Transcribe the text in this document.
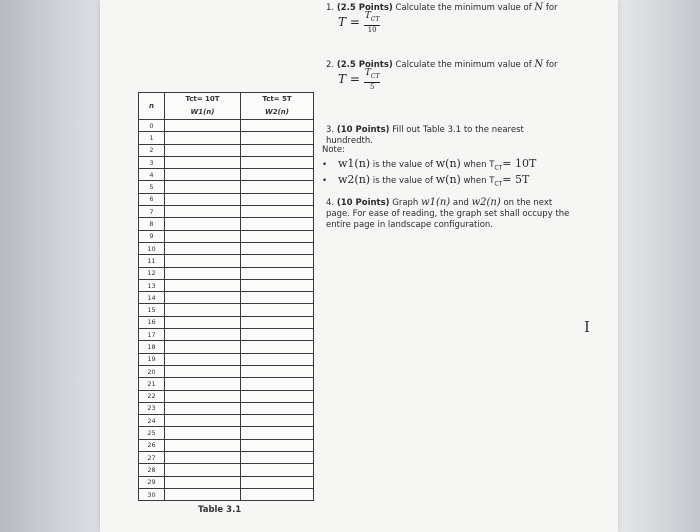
1. (2.5 Points) Calculate the minimum value of N for
$T = \frac{T_{CT}}{10}$
2. (2.5 Points) Calculate the minimum value of N for
$T = \frac{T_{CT}}{5}$
3. (10 Points) Fill out Table 3.1 to the nearest hundredth.
Note:
• w1(n) is the value of w(n) when $T_{CT}= 10T$
• w2(n) is the value of w(n) when $T_{CT}= 5T$
4. (10 Points) Graph w1(n) and w2(n) on the next page. For ease of reading, the graph set shall occupy the entire page in landscape configuration.
n	Tct= 10T	Tct= 5T
	W1(n)	W2(n)
0		
1		
2		
3		
4		
5		
6		
7		
8		
9		
10		
11		
12		
13		
14		
15		
16		
17		
18		
19		
20		
21		
22		
23		
24		
25		
26		
27		
28		
29		
30		
Table 3.1
I
